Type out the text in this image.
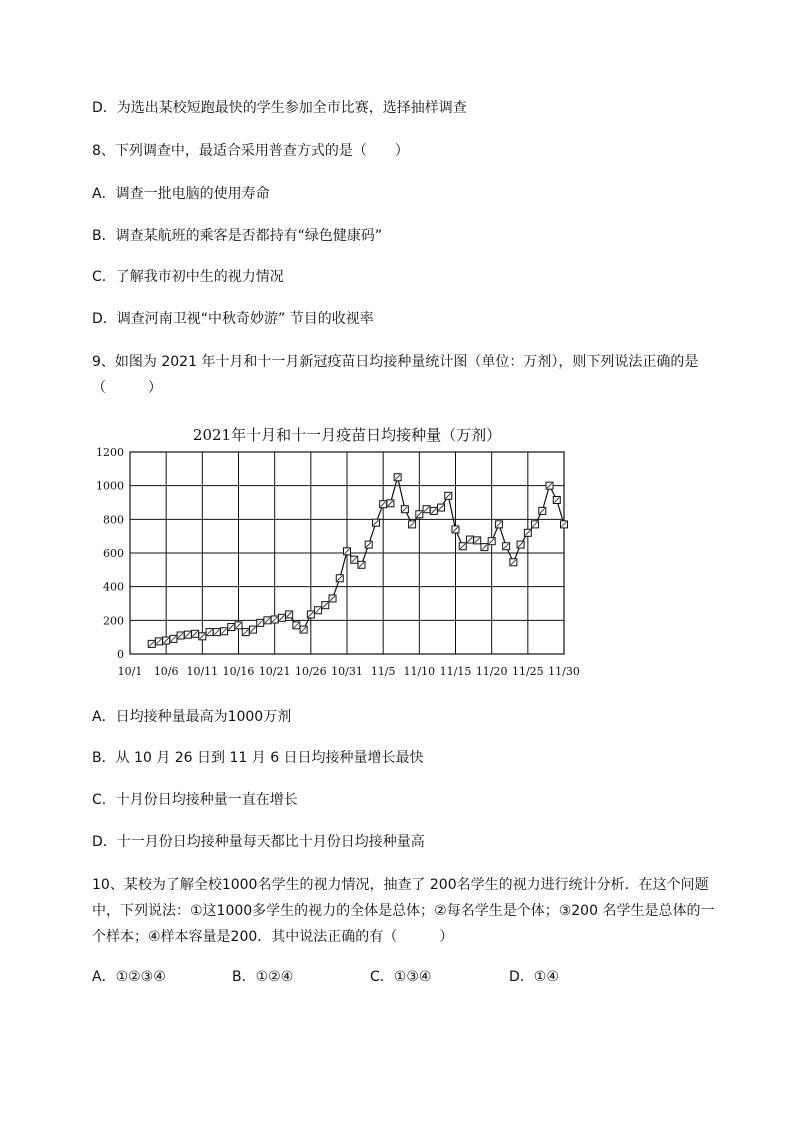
D．为选出某校短跑最快的学生参加全市比赛，选择抽样调查
8、下列调查中，最适合采用普查方式的是（　　）
A．调查一批电脑的使用寿命
B．调查某航班的乘客是否都持有“绿色健康码”
C．了解我市初中生的视力情况
D．调查河南卫视“中秋奇妙游” 节目的收视率
9、如图为 2021 年十月和十一月新冠疫苗日均接种量统计图（单位：万剂），则下列说法正确的是（　　　）
2021年十月和十一月疫苗日均接种量（万剂）
0
200
400
600
800
1000
1200
10/1 10/6 10/11 10/16 10/21 10/26 10/31 11/5 11/10 11/15 11/20 11/25 11/30
A．日均接种量最高为1000万剂
B．从 10 月 26 日到 11 月 6 日日均接种量增长最快
C．十月份日均接种量一直在增长
D．十一月份日均接种量每天都比十月份日均接种量高
10、某校为了解全校1000名学生的视力情况，抽查了 200名学生的视力进行统计分析．在这个问题中，下列说法：①这1000多学生的视力的全体是总体；②每名学生是个体；③200 名学生是总体的一个样本；④样本容量是200．其中说法正确的有（　　　）
A．①②③④	B．①②④	C．①③④	D．①④
